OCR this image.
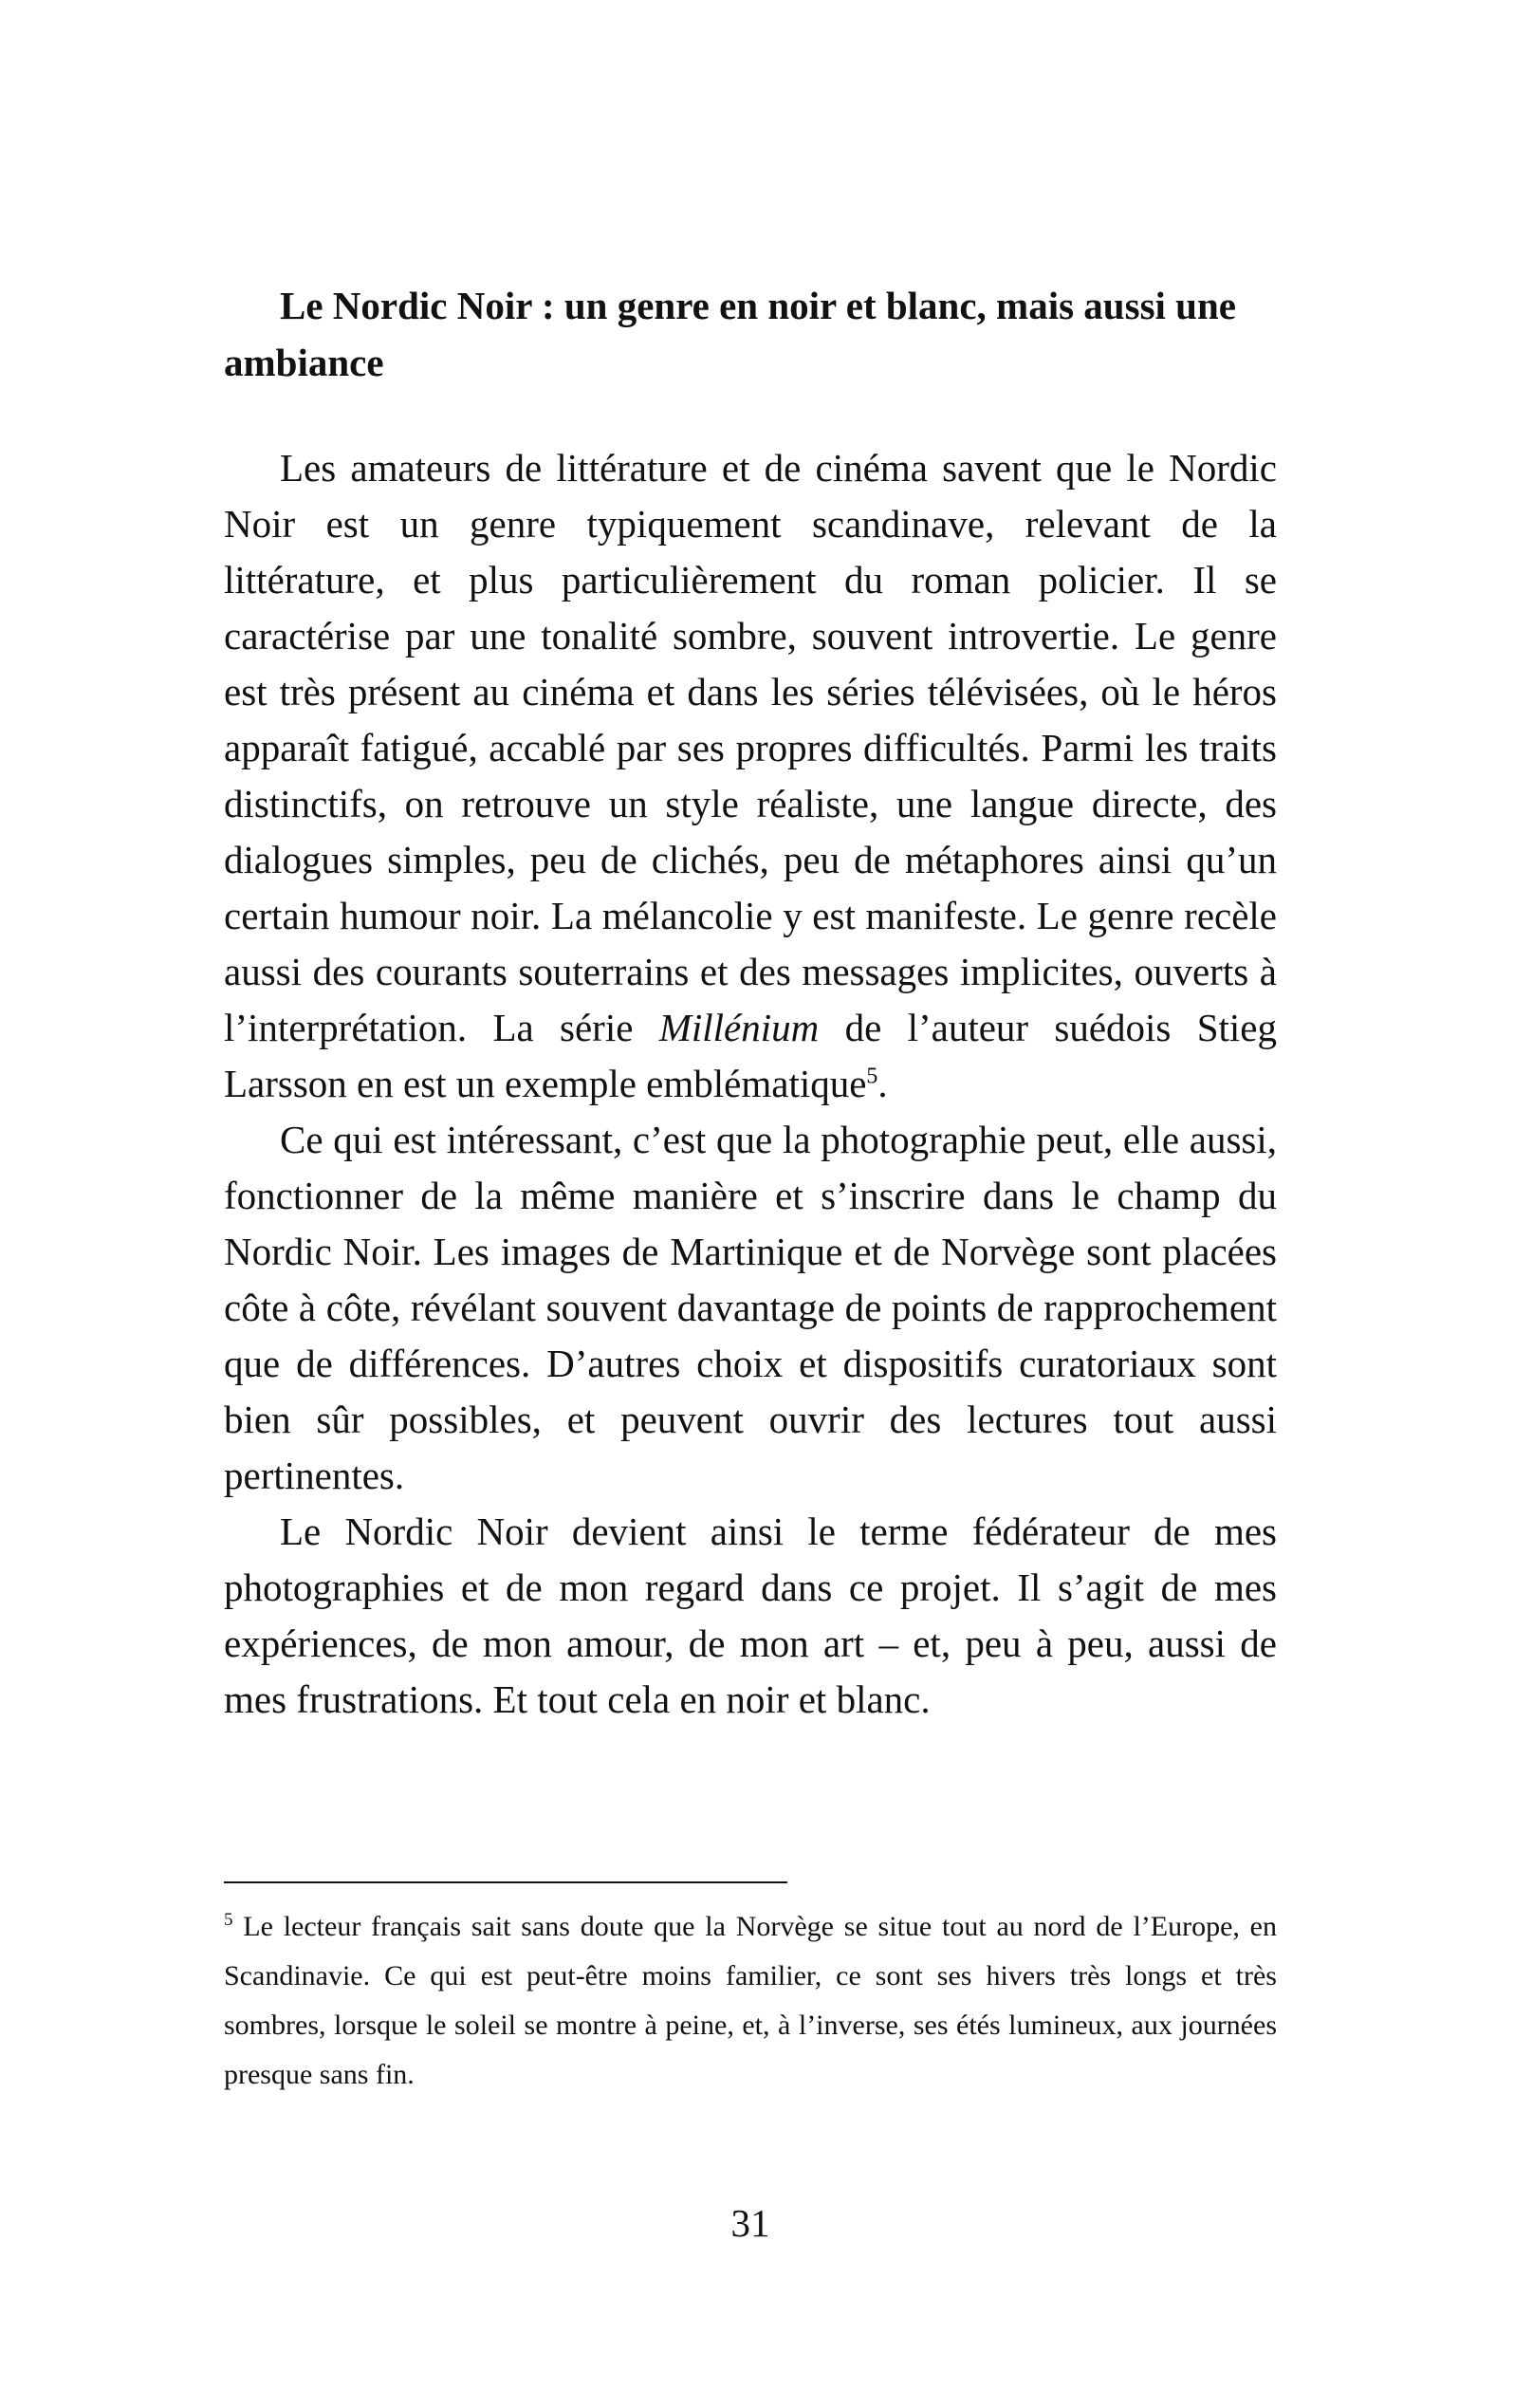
Le Nordic Noir : un genre en noir et blanc, mais aussi une ambiance

Les amateurs de littérature et de cinéma savent que le Nordic Noir est un genre typiquement scandinave, relevant de la littérature, et plus particulièrement du roman policier. Il se caractérise par une tonalité sombre, souvent introvertie. Le genre est très présent au cinéma et dans les séries télévisées, où le héros apparaît fatigué, accablé par ses propres difficultés. Parmi les traits distinctifs, on retrouve un style réaliste, une langue directe, des dialogues simples, peu de clichés, peu de métaphores ainsi qu’un certain humour noir. La mélancolie y est manifeste. Le genre recèle aussi des courants souterrains et des messages implicites, ouverts à l’interprétation. La série Millénium de l’auteur suédois Stieg Larsson en est un exemple emblématique$^5$.

Ce qui est intéressant, c’est que la photographie peut, elle aussi, fonctionner de la même manière et s’inscrire dans le champ du Nordic Noir. Les images de Martinique et de Norvège sont placées côte à côte, révélant souvent davantage de points de rapprochement que de différences. D’autres choix et dispositifs curatoriaux sont bien sûr possibles, et peuvent ouvrir des lectures tout aussi pertinentes.

Le Nordic Noir devient ainsi le terme fédérateur de mes photographies et de mon regard dans ce projet. Il s’agit de mes expériences, de mon amour, de mon art – et, peu à peu, aussi de mes frustrations. Et tout cela en noir et blanc.

$^5$ Le lecteur français sait sans doute que la Norvège se situe tout au nord de l’Europe, en Scandinavie. Ce qui est peut-être moins familier, ce sont ses hivers très longs et très sombres, lorsque le soleil se montre à peine, et, à l’inverse, ses étés lumineux, aux journées presque sans fin.

31
